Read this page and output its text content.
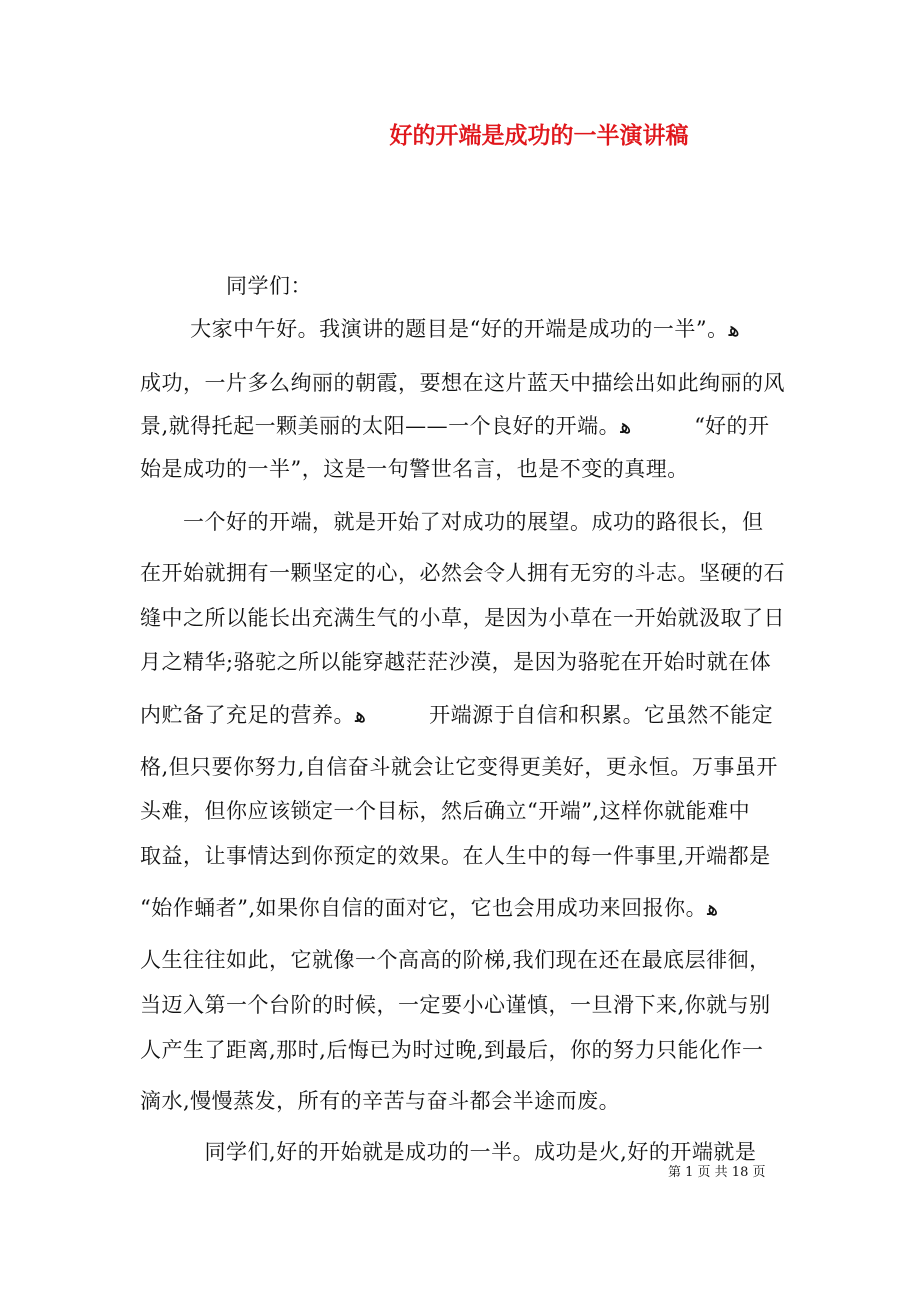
好的开端是成功的一半演讲稿
　　　　同学们：
　　 大家中午好。我演讲的题目是“好的开端是成功的一半”。ﻫ
成功，一片多么绚丽的朝霞，要想在这片蓝天中描绘出如此绚丽的风
景,就得托起一颗美丽的太阳——一个良好的开端。ﻫ　　　“好的开
始是成功的一半”，这是一句警世名言，也是不变的真理。
　　一个好的开端，就是开始了对成功的展望。成功的路很长，但
在开始就拥有一颗坚定的心，必然会令人拥有无穷的斗志。坚硬的石
缝中之所以能长出充满生气的小草，是因为小草在一开始就汲取了日
月之精华;骆驼之所以能穿越茫茫沙漠，是因为骆驼在开始时就在体
内贮备了充足的营养。ﻫ　　　开端源于自信和积累。它虽然不能定
格,但只要你努力,自信奋斗就会让它变得更美好，更永恒。万事虽开
头难，但你应该锁定一个目标，然后确立“开端”,这样你就能难中
取益，让事情达到你预定的效果。在人生中的每一件事里,开端都是
“始作蛹者”,如果你自信的面对它，它也会用成功来回报你。ﻫ
人生往往如此，它就像一个高高的阶梯,我们现在还在最底层徘徊，
当迈入第一个台阶的时候，一定要小心谨慎，一旦滑下来,你就与别
人产生了距离,那时,后悔已为时过晚,到最后，你的努力只能化作一
滴水,慢慢蒸发，所有的辛苦与奋斗都会半途而废。
　　　同学们,好的开始就是成功的一半。成功是火,好的开端就是
第 1 页 共 18 页
